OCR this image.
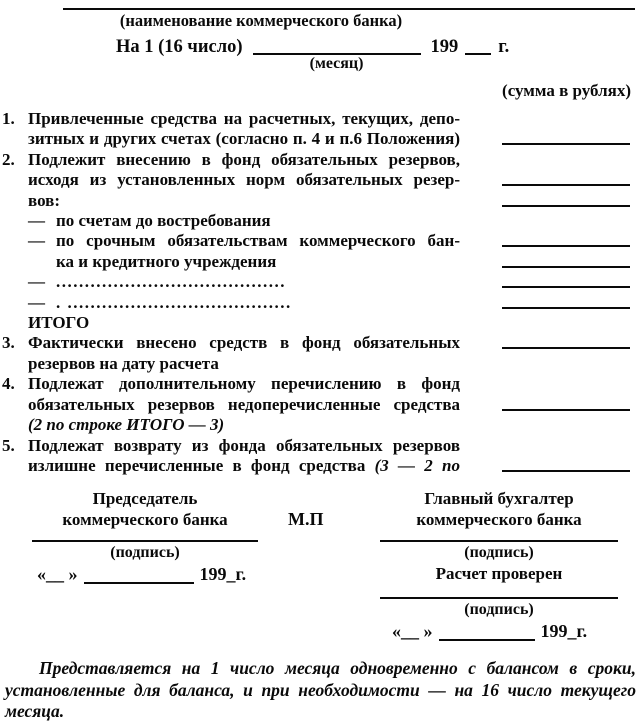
(наименование коммерческого банка)
На 1 (16 число)
(месяц)
199 г.
(сумма в рублях)
1. Привлеченные средства на расчетных, текущих, депо-
зитных и других счетах (согласно п. 4 и п.6 Положения)
2. Подлежит внесению в фонд обязательных резервов,
исходя из установленных норм обязательных резер-
вов:
— по счетам до востребования
— по срочным обязательствам коммерческого бан-
ка и кредитного учреждения
— ........................................
— . .......................................
ИТОГО
3. Фактически внесено средств в фонд обязательных
резервов на дату расчета
4. Подлежат дополнительному перечислению в фонд
обязательных резервов недоперечисленные средства
(2 по строке ИТОГО — 3)
5. Подлежат возврату из фонда обязательных резервов
излишне перечисленные в фонд средства (3 — 2 по
Председатель
коммерческого банка
(подпись)
«__ »	199_г.
М.П
Главный бухгалтер
коммерческого банка
(подпись)
Расчет проверен
(подпись)
«__ »	199_г.
Представляется на 1 число месяца одновременно с балансом в сроки,
установленные для баланса, и при необходимости — на 16 число текущего
месяца.
